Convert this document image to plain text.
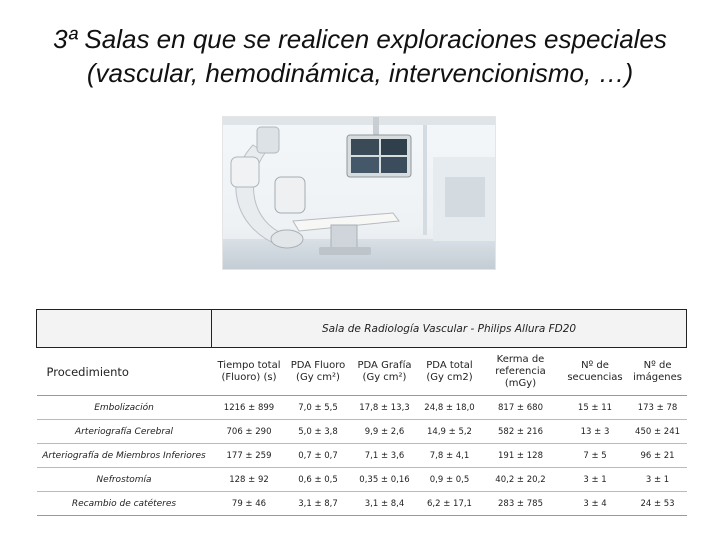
3ª Salas en que se realicen exploraciones especiales
(vascular, hemodinámica, intervencionismo, …)
	Sala de Radiología Vascular - Philips Allura FD20						
Procedimiento	Tiempo total (Fluoro) (s)	PDA Fluoro (Gy cm²)	PDA Grafía (Gy cm²)	PDA total (Gy cm2)	Kerma de referencia (mGy)	Nº de secuencias	Nº de imágenes
Embolización	1216 ± 899	7,0 ± 5,5	17,8 ± 13,3	24,8 ± 18,0	817 ± 680	15 ± 11	173 ± 78
Arteriografía Cerebral	706 ± 290	5,0 ± 3,8	9,9 ± 2,6	14,9 ± 5,2	582 ± 216	13 ± 3	450 ± 241
Arteriografía de Miembros Inferiores	177 ± 259	0,7 ± 0,7	7,1 ± 3,6	7,8 ± 4,1	191 ± 128	7 ± 5	96 ± 21
Nefrostomía	128 ± 92	0,6 ± 0,5	0,35 ± 0,16	0,9 ± 0,5	40,2 ± 20,2	3 ± 1	3 ± 1
Recambio de catéteres	79 ± 46	3,1 ± 8,7	3,1 ± 8,4	6,2 ± 17,1	283 ± 785	3 ± 4	24 ± 53
